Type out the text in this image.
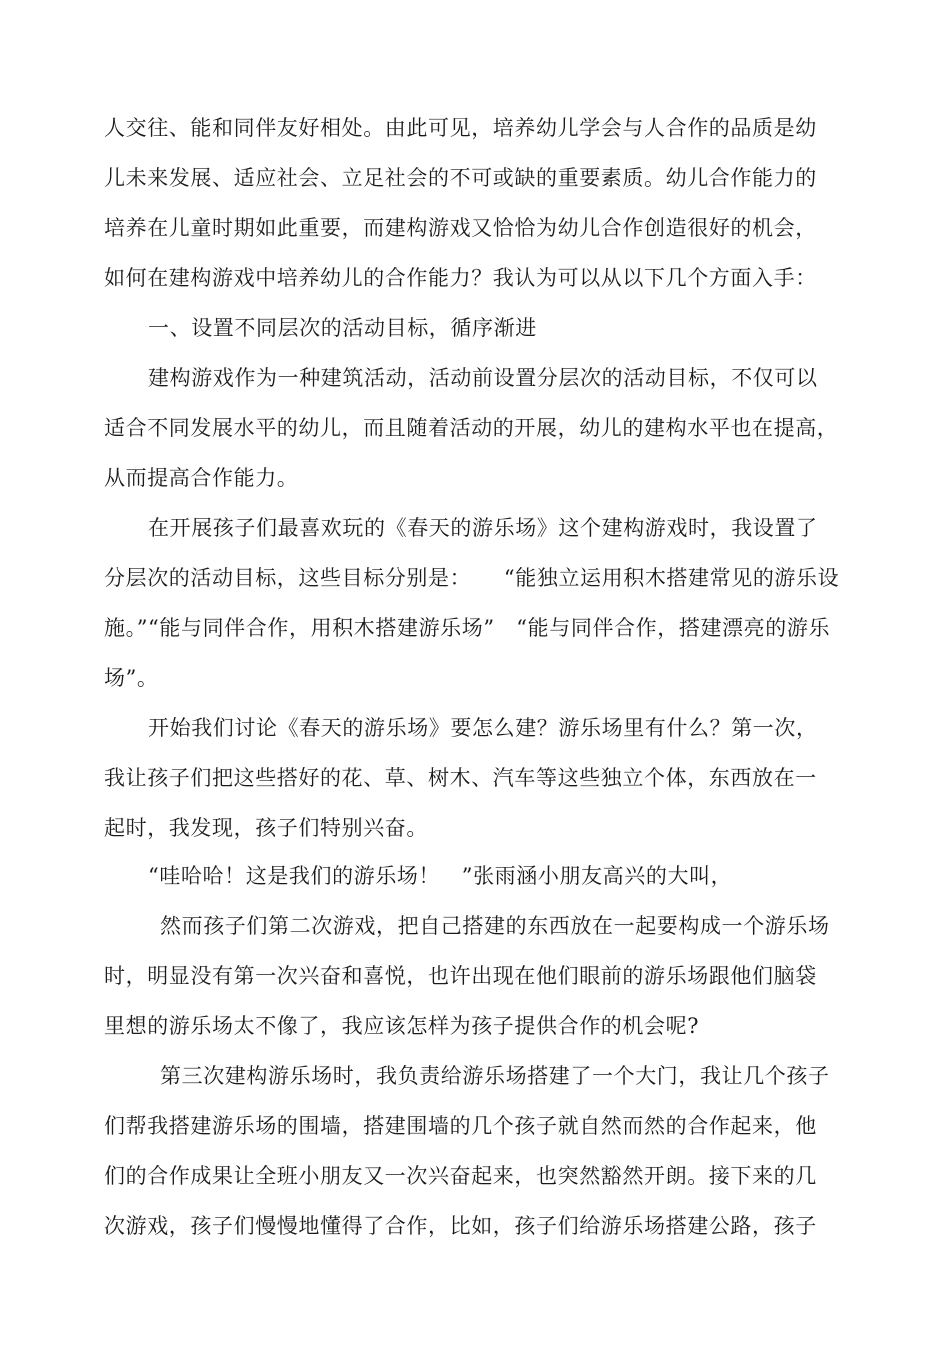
人交往、能和同伴友好相处。由此可见，培养幼儿学会与人合作的品质是幼
儿未来发展、适应社会、立足社会的不可或缺的重要素质。幼儿合作能力的
培养在儿童时期如此重要，而建构游戏又恰恰为幼儿合作创造很好的机会，
如何在建构游戏中培养幼儿的合作能力？我认为可以从以下几个方面入手：
一、设置不同层次的活动目标，循序渐进
建构游戏作为一种建筑活动，活动前设置分层次的活动目标，不仅可以
适合不同发展水平的幼儿，而且随着活动的开展，幼儿的建构水平也在提高，
从而提高合作能力。
在开展孩子们最喜欢玩的《春天的游乐场》这个建构游戏时，我设置了
分层次的活动目标，这些目标分别是：　　“能独立运用积木搭建常见的游乐设
施。”“能与同伴合作，用积木搭建游乐场”　“能与同伴合作，搭建漂亮的游乐
场”。
开始我们讨论《春天的游乐场》要怎么建？游乐场里有什么？第一次，
我让孩子们把这些搭好的花、草、树木、汽车等这些独立个体，东西放在一
起时，我发现，孩子们特别兴奋。
“哇哈哈！这是我们的游乐场！　”张雨涵小朋友高兴的大叫，
然而孩子们第二次游戏，把自己搭建的东西放在一起要构成一个游乐场
时，明显没有第一次兴奋和喜悦，也许出现在他们眼前的游乐场跟他们脑袋
里想的游乐场太不像了，我应该怎样为孩子提供合作的机会呢?
第三次建构游乐场时，我负责给游乐场搭建了一个大门，我让几个孩子
们帮我搭建游乐场的围墙，搭建围墙的几个孩子就自然而然的合作起来，他
们的合作成果让全班小朋友又一次兴奋起来，也突然豁然开朗。接下来的几
次游戏，孩子们慢慢地懂得了合作，比如，孩子们给游乐场搭建公路，孩子
